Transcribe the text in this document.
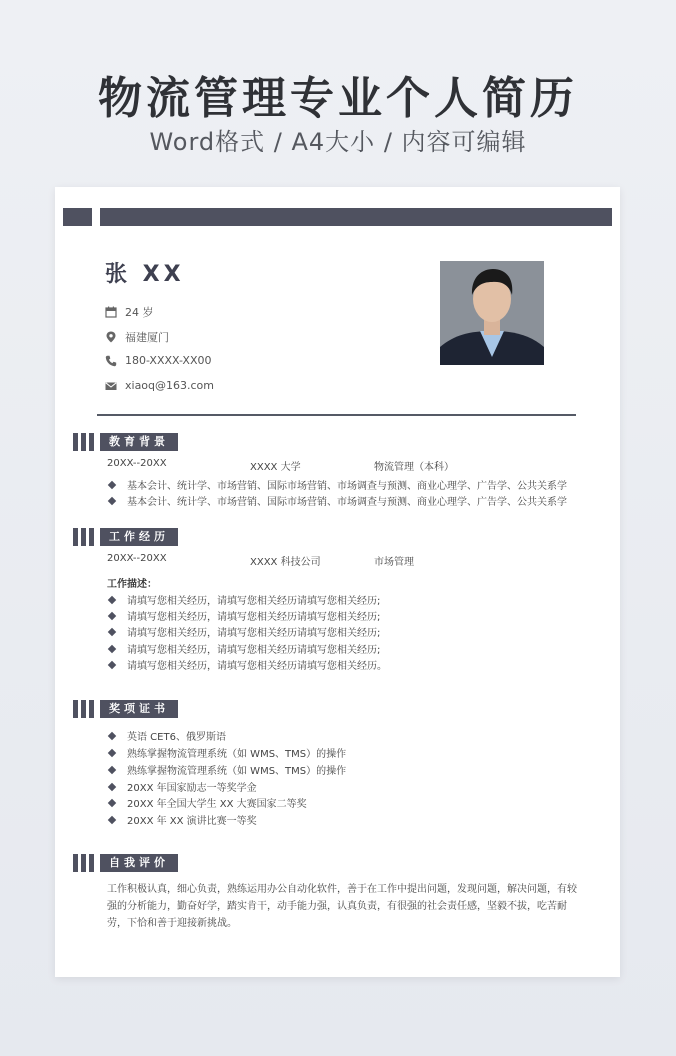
物流管理专业个人简历
Word格式 / A4大小 / 内容可编辑
张 XX
24 岁
福建厦门
180-XXXX-XX00
xiaoq@163.com
教育背景
20XX--20XX	XXXX 大学	物流管理（本科）
基本会计、统计学、市场营销、国际市场营销、市场调查与预测、商业心理学、广告学、公共关系学
基本会计、统计学、市场营销、国际市场营销、市场调查与预测、商业心理学、广告学、公共关系学
工作经历
20XX--20XX	XXXX 科技公司	市场管理
工作描述：
请填写您相关经历，请填写您相关经历请填写您相关经历;
请填写您相关经历，请填写您相关经历请填写您相关经历;
请填写您相关经历，请填写您相关经历请填写您相关经历;
请填写您相关经历，请填写您相关经历请填写您相关经历;
请填写您相关经历，请填写您相关经历请填写您相关经历。
奖项证书
英语 CET6、俄罗斯语
熟练掌握物流管理系统（如 WMS、TMS）的操作
熟练掌握物流管理系统（如 WMS、TMS）的操作
20XX 年国家励志一等奖学金
20XX 年全国大学生 XX 大赛国家二等奖
20XX 年 XX 演讲比赛一等奖
自我评价
工作积极认真，细心负责，熟练运用办公自动化软件，善于在工作中提出问题，发现问题，解决问题，有较强的分析能力，勤奋好学，踏实肯干，动手能力强，认真负责，有很强的社会责任感，坚毅不拔，吃苦耐劳，下恰和善于迎接新挑战。
